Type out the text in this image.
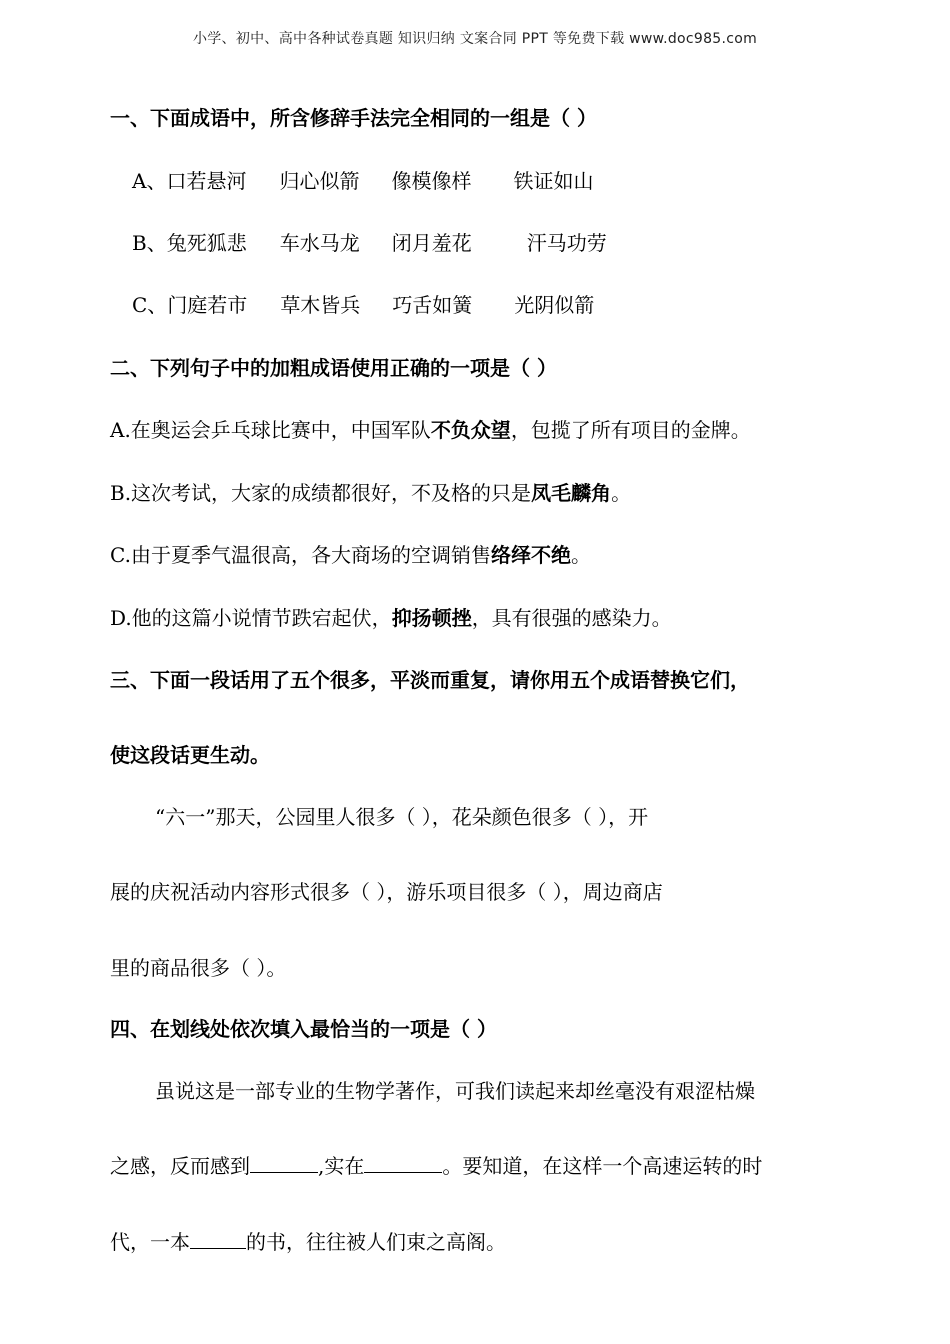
小学、初中、高中各种试卷真题 知识归纳 文案合同 PPT 等免费下载 www.doc985.com
一、下面成语中，所含修辞手法完全相同的一组是（ ）
A、口若悬河 归心似箭 像模像样 铁证如山
B、兔死狐悲 车水马龙 闭月羞花	汗马功劳
C、门庭若市 草木皆兵 巧舌如簧 光阴似箭
二、下列句子中的加粗成语使用正确的一项是（ ）
A.在奥运会乒乓球比赛中，中国军队不负众望，包揽了所有项目的金牌。
B.这次考试，大家的成绩都很好，不及格的只是凤毛麟角。
C.由于夏季气温很高，各大商场的空调销售络绎不绝。
D.他的这篇小说情节跌宕起伏，抑扬顿挫，具有很强的感染力。
三、下面一段话用了五个很多，平淡而重复，请你用五个成语替换它们，
使这段话更生动。
“六一”那天，公园里人很多（ ），花朵颜色很多（ ），开
展的庆祝活动内容形式很多（ ），游乐项目很多（ ），周边商店
里的商品很多（ ）。
四、在划线处依次填入最恰当的一项是（ ）
虽说这是一部专业的生物学著作，可我们读起来却丝毫没有艰涩枯燥
之感，反而感到	,实在	。要知道，在这样一个高速运转的时
代，一本	的书，往往被人们束之高阁。
